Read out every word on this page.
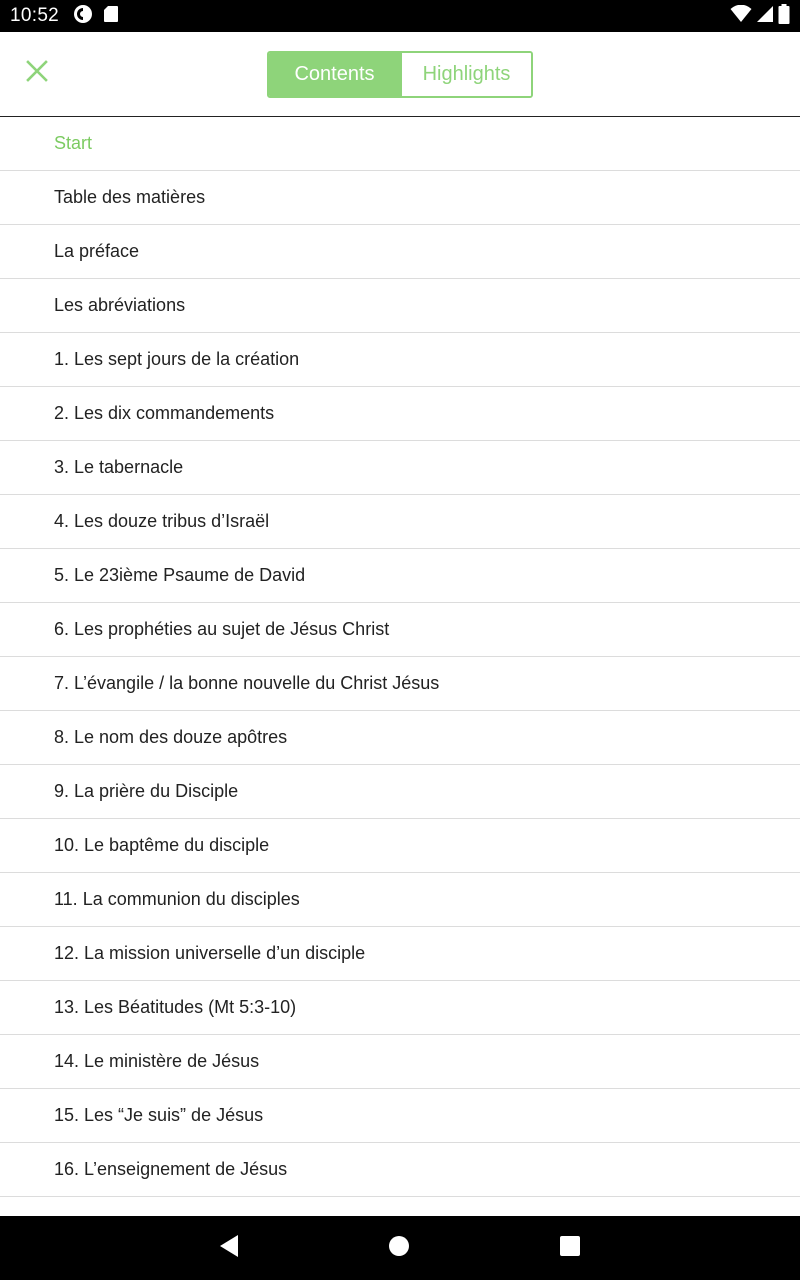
10:52
Contents	Highlights
Start
Table des matières
La préface
Les abréviations
1. Les sept jours de la création
2. Les dix commandements
3. Le tabernacle
4. Les douze tribus d’Israël
5. Le 23ième Psaume de David
6. Les prophéties au sujet de Jésus Christ
7. L’évangile / la bonne nouvelle du Christ Jésus
8. Le nom des douze apôtres
9. La prière du Disciple
10. Le baptême du disciple
11. La communion du disciples
12. La mission universelle d’un disciple
13. Les Béatitudes (Mt 5:3-10)
14. Le ministère de Jésus
15. Les “Je suis” de Jésus
16. L’enseignement de Jésus
